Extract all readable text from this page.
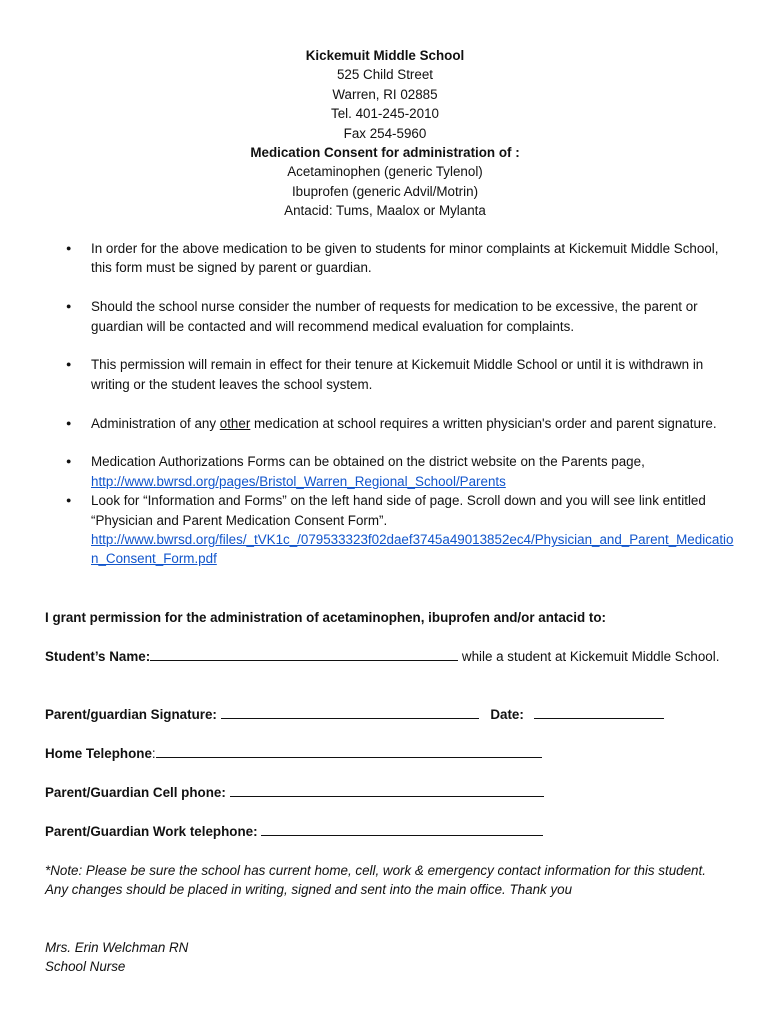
Kickemuit Middle School
525 Child Street
Warren, RI 02885
Tel. 401-245-2010
Fax 254-5960
Medication Consent for administration of :
Acetaminophen (generic Tylenol)
Ibuprofen (generic Advil/Motrin)
Antacid: Tums, Maalox or Mylanta
● In order for the above medication to be given to students for minor complaints at Kickemuit Middle School, this form must be signed by parent or guardian.
● Should the school nurse consider the number of requests for medication to be excessive, the parent or guardian will be contacted and will recommend medical evaluation for complaints.
● This permission will remain in effect for their tenure at Kickemuit Middle School or until it is withdrawn in writing or the student leaves the school system.
● Administration of any other medication at school requires a written physician's order and parent signature.
● Medication Authorizations Forms can be obtained on the district website on the Parents page,
http://www.bwrsd.org/pages/Bristol_Warren_Regional_School/Parents
● Look for “Information and Forms” on the left hand side of page. Scroll down and you will see link entitled “Physician and Parent Medication Consent Form”.
http://www.bwrsd.org/files/_tVK1c_/079533323f02daef3745a49013852ec4/Physician_and_Parent_Medication_Consent_Form.pdf
I grant permission for the administration of acetaminophen, ibuprofen and/or antacid to:
Student’s Name:	while a student at Kickemuit Middle School.
Parent/guardian Signature:	Date:
Home Telephone:
Parent/Guardian Cell phone:
Parent/Guardian Work telephone:
*Note: Please be sure the school has current home, cell, work & emergency contact information for this student.
Any changes should be placed in writing, signed and sent into the main office. Thank you
Mrs. Erin Welchman RN
School Nurse
